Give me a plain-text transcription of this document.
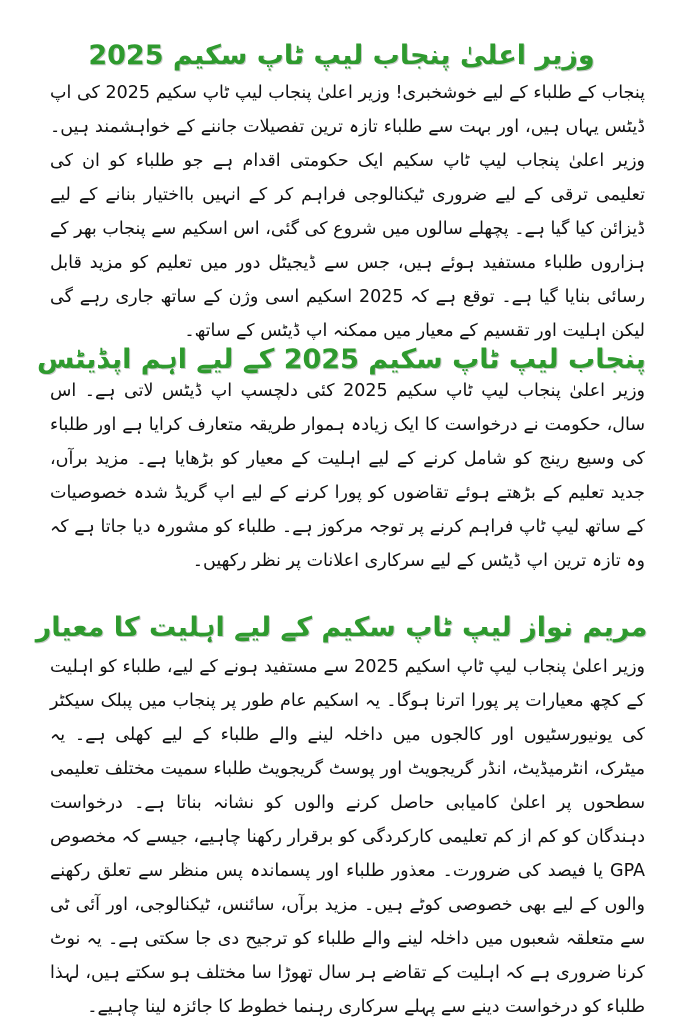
وزیر اعلیٰ پنجاب لیپ ٹاپ سکیم 2025

پنجاب کے طلباء کے لیے خوشخبری! وزیر اعلیٰ پنجاب لیپ ٹاپ سکیم 2025 کی اپ ڈیٹس یہاں ہیں، اور بہت سے طلباء تازہ ترین تفصیلات جاننے کے خواہشمند ہیں۔ وزیر اعلیٰ پنجاب لیپ ٹاپ سکیم ایک حکومتی اقدام ہے جو طلباء کو ان کی تعلیمی ترقی کے لیے ضروری ٹیکنالوجی فراہم کر کے انہیں بااختیار بنانے کے لیے ڈیزائن کیا گیا ہے۔ پچھلے سالوں میں شروع کی گئی، اس اسکیم سے پنجاب بھر کے ہزاروں طلباء مستفید ہوئے ہیں، جس سے ڈیجیٹل دور میں تعلیم کو مزید قابل رسائی بنایا گیا ہے۔ توقع ہے کہ 2025 اسکیم اسی وژن کے ساتھ جاری رہے گی لیکن اہلیت اور تقسیم کے معیار میں ممکنہ اپ ڈیٹس کے ساتھ۔

پنجاب لیپ ٹاپ سکیم 2025 کے لیے اہم اپڈیٹس

وزیر اعلیٰ پنجاب لیپ ٹاپ سکیم 2025 کئی دلچسپ اپ ڈیٹس لاتی ہے۔ اس سال، حکومت نے درخواست کا ایک زیادہ ہموار طریقہ متعارف کرایا ہے اور طلباء کی وسیع رینج کو شامل کرنے کے لیے اہلیت کے معیار کو بڑھایا ہے۔ مزید برآں، جدید تعلیم کے بڑھتے ہوئے تقاضوں کو پورا کرنے کے لیے اپ گریڈ شدہ خصوصیات کے ساتھ لیپ ٹاپ فراہم کرنے پر توجہ مرکوز ہے۔ طلباء کو مشورہ دیا جاتا ہے کہ وہ تازہ ترین اپ ڈیٹس کے لیے سرکاری اعلانات پر نظر رکھیں۔

مریم نواز لیپ ٹاپ سکیم کے لیے اہلیت کا معیار

وزیر اعلیٰ پنجاب لیپ ٹاپ اسکیم 2025 سے مستفید ہونے کے لیے، طلباء کو اہلیت کے کچھ معیارات پر پورا اترنا ہوگا۔ یہ اسکیم عام طور پر پنجاب میں پبلک سیکٹر کی یونیورسٹیوں اور کالجوں میں داخلہ لینے والے طلباء کے لیے کھلی ہے۔ یہ میٹرک، انٹرمیڈیٹ، انڈر گریجویٹ اور پوسٹ گریجویٹ طلباء سمیت مختلف تعلیمی سطحوں پر اعلیٰ کامیابی حاصل کرنے والوں کو نشانہ بناتا ہے۔ درخواست دہندگان کو کم از کم تعلیمی کارکردگی کو برقرار رکھنا چاہیے، جیسے کہ مخصوص GPA یا فیصد کی ضرورت۔ معذور طلباء اور پسماندہ پس منظر سے تعلق رکھنے والوں کے لیے بھی خصوصی کوٹے ہیں۔ مزید برآں، سائنس، ٹیکنالوجی، اور آئی ٹی سے متعلقہ شعبوں میں داخلہ لینے والے طلباء کو ترجیح دی جا سکتی ہے۔ یہ نوٹ کرنا ضروری ہے کہ اہلیت کے تقاضے ہر سال تھوڑا سا مختلف ہو سکتے ہیں، لہذا طلباء کو درخواست دینے سے پہلے سرکاری رہنما خطوط کا جائزہ لینا چاہیے۔
